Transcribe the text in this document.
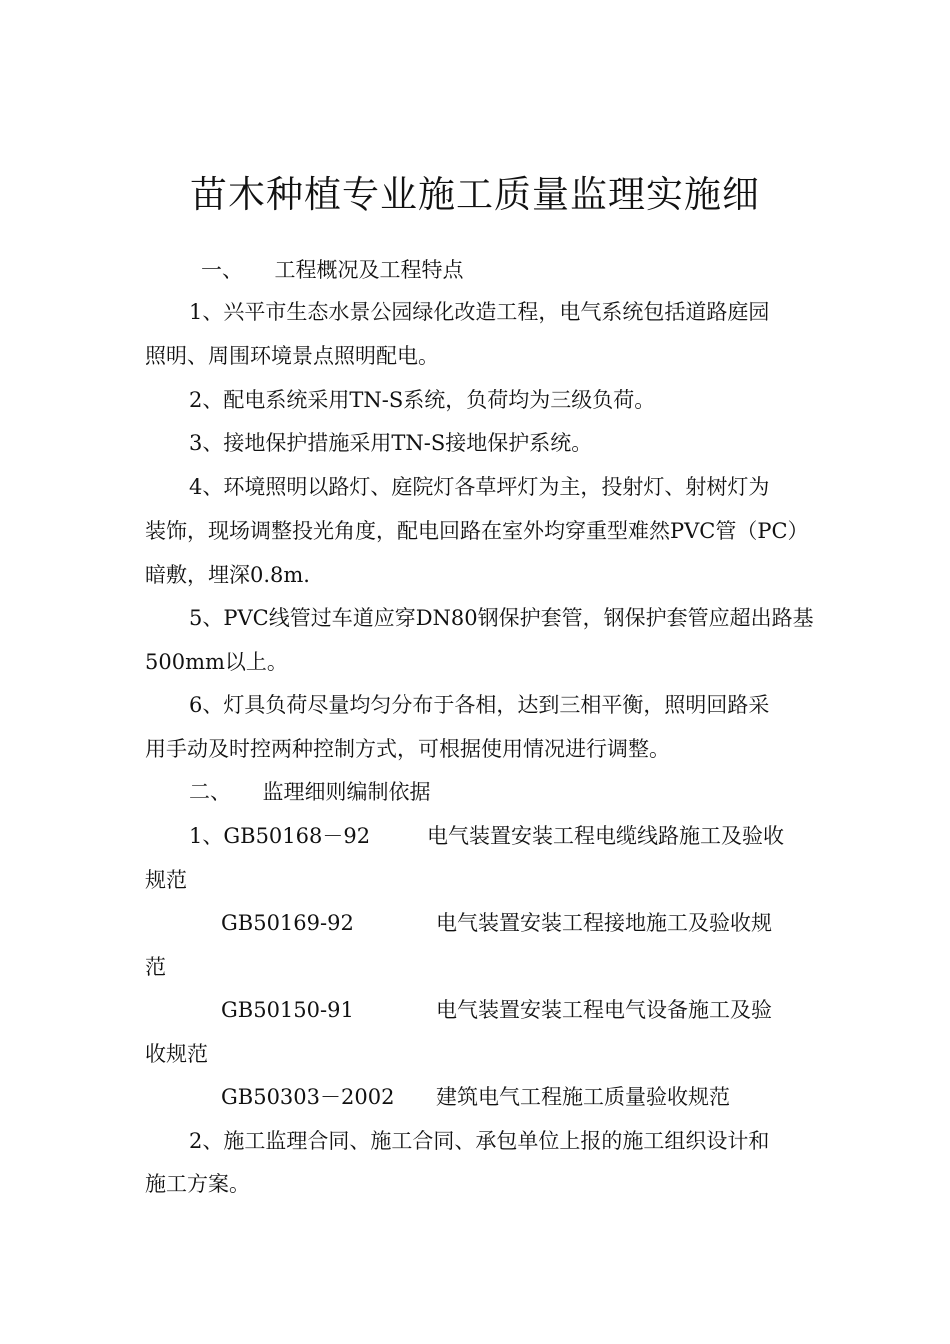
苗木种植专业施工质量监理实施细
一、　　工程概况及工程特点
1、兴平市生态水景公园绿化改造工程，电气系统包括道路庭园
照明、周围环境景点照明配电。
2、配电系统采用TN-S系统，负荷均为三级负荷。
3、接地保护措施采用TN-S接地保护系统。
4、环境照明以路灯、庭院灯各草坪灯为主，投射灯、射树灯为
装饰，现场调整投光角度，配电回路在室外均穿重型难然PVC管（PC）
暗敷，埋深0.8m.
5、PVC线管过车道应穿DN80钢保护套管，钢保护套管应超出路基
500mm以上。
6、灯具负荷尽量均匀分布于各相，达到三相平衡，照明回路采
用手动及时控两种控制方式，可根据使用情况进行调整。
二、　　监理细则编制依据
1、GB50168－92	电气装置安装工程电缆线路施工及验收
规范
GB50169-92	电气装置安装工程接地施工及验收规
范
GB50150-91	电气装置安装工程电气设备施工及验
收规范
GB50303－2002 建筑电气工程施工质量验收规范
2、施工监理合同、施工合同、承包单位上报的施工组织设计和
施工方案。
